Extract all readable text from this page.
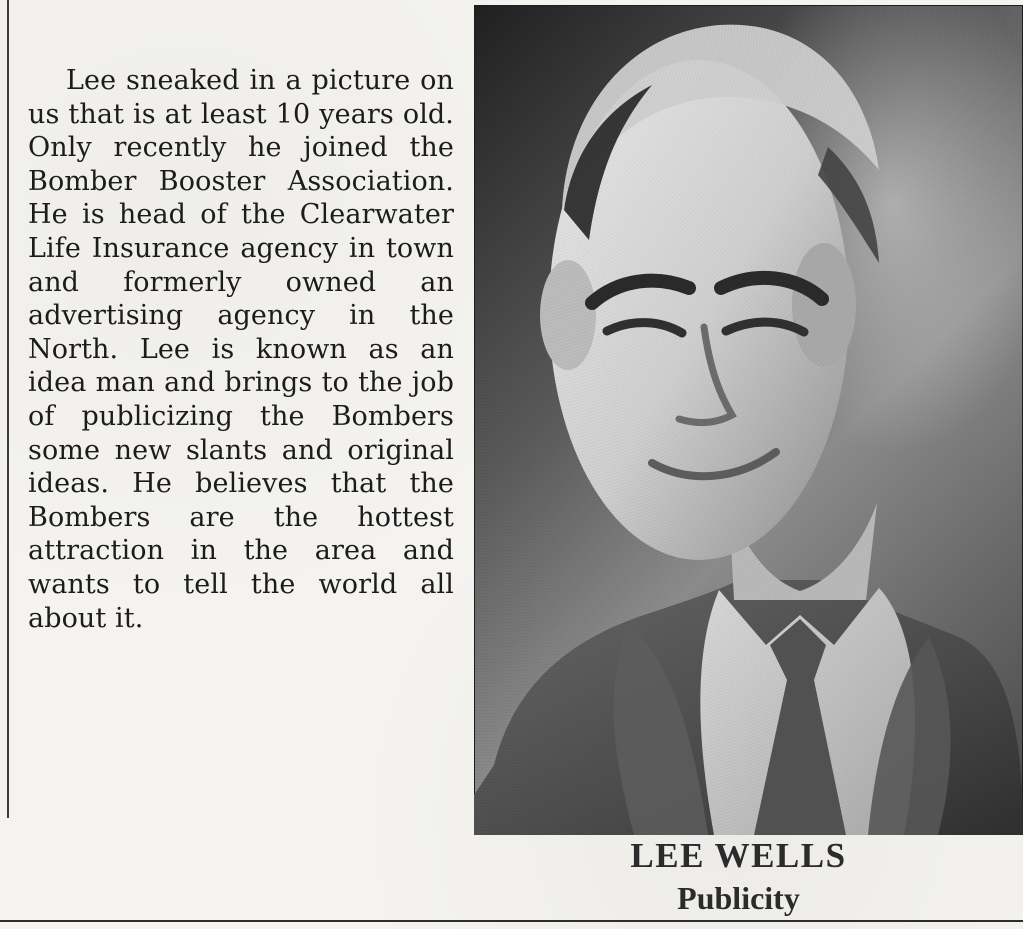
Lee sneaked in a picture on us that is at least 10 years old. Only recently he joined the Bomber Booster Association. He is head of the Clearwater Life Insurance agency in town and formerly owned an advertising agency in the North. Lee is known as an idea man and brings to the job of publicizing the Bombers some new slants and original ideas. He believes that the Bombers are the hottest attraction in the area and wants to tell the world all about it.

LEE WELLS
Publicity
